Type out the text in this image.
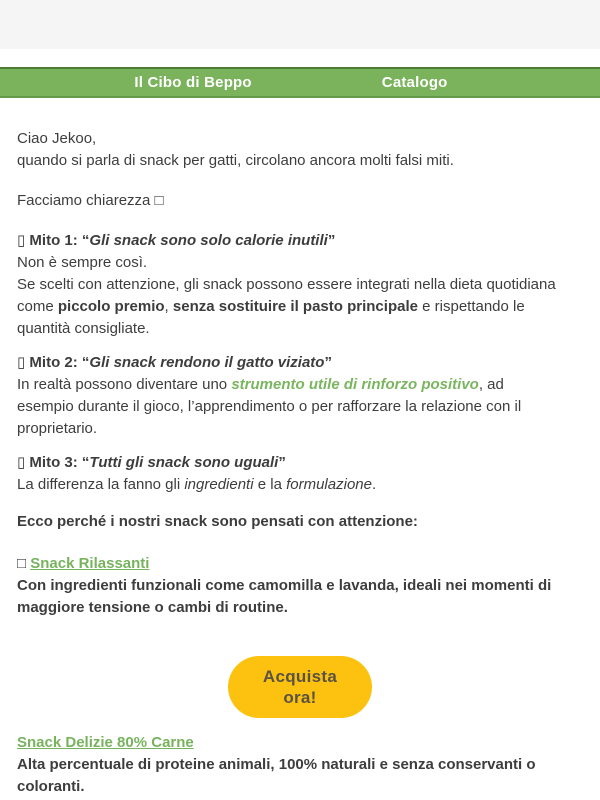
Il Cibo di Beppo	Catalogo

Ciao Jekoo,
quando si parla di snack per gatti, circolano ancora molti falsi miti.

Facciamo chiarezza □

▯ Mito 1: “Gli snack sono solo calorie inutili”
Non è sempre così.
Se scelti con attenzione, gli snack possono essere integrati nella dieta quotidiana
come piccolo premio, senza sostituire il pasto principale e rispettando le
quantità consigliate.

▯ Mito 2: “Gli snack rendono il gatto viziato”
In realtà possono diventare uno strumento utile di rinforzo positivo, ad
esempio durante il gioco, l’apprendimento o per rafforzare la relazione con il
proprietario.

▯ Mito 3: “Tutti gli snack sono uguali”
La differenza la fanno gli ingredienti e la formulazione.

Ecco perché i nostri snack sono pensati con attenzione:

□ Snack Rilassanti
Con ingredienti funzionali come camomilla e lavanda, ideali nei momenti di
maggiore tensione o cambi di routine.

Acquista
ora!

Snack Delizie 80% Carne
Alta percentuale di proteine animali, 100% naturali e senza conservanti o
coloranti.
